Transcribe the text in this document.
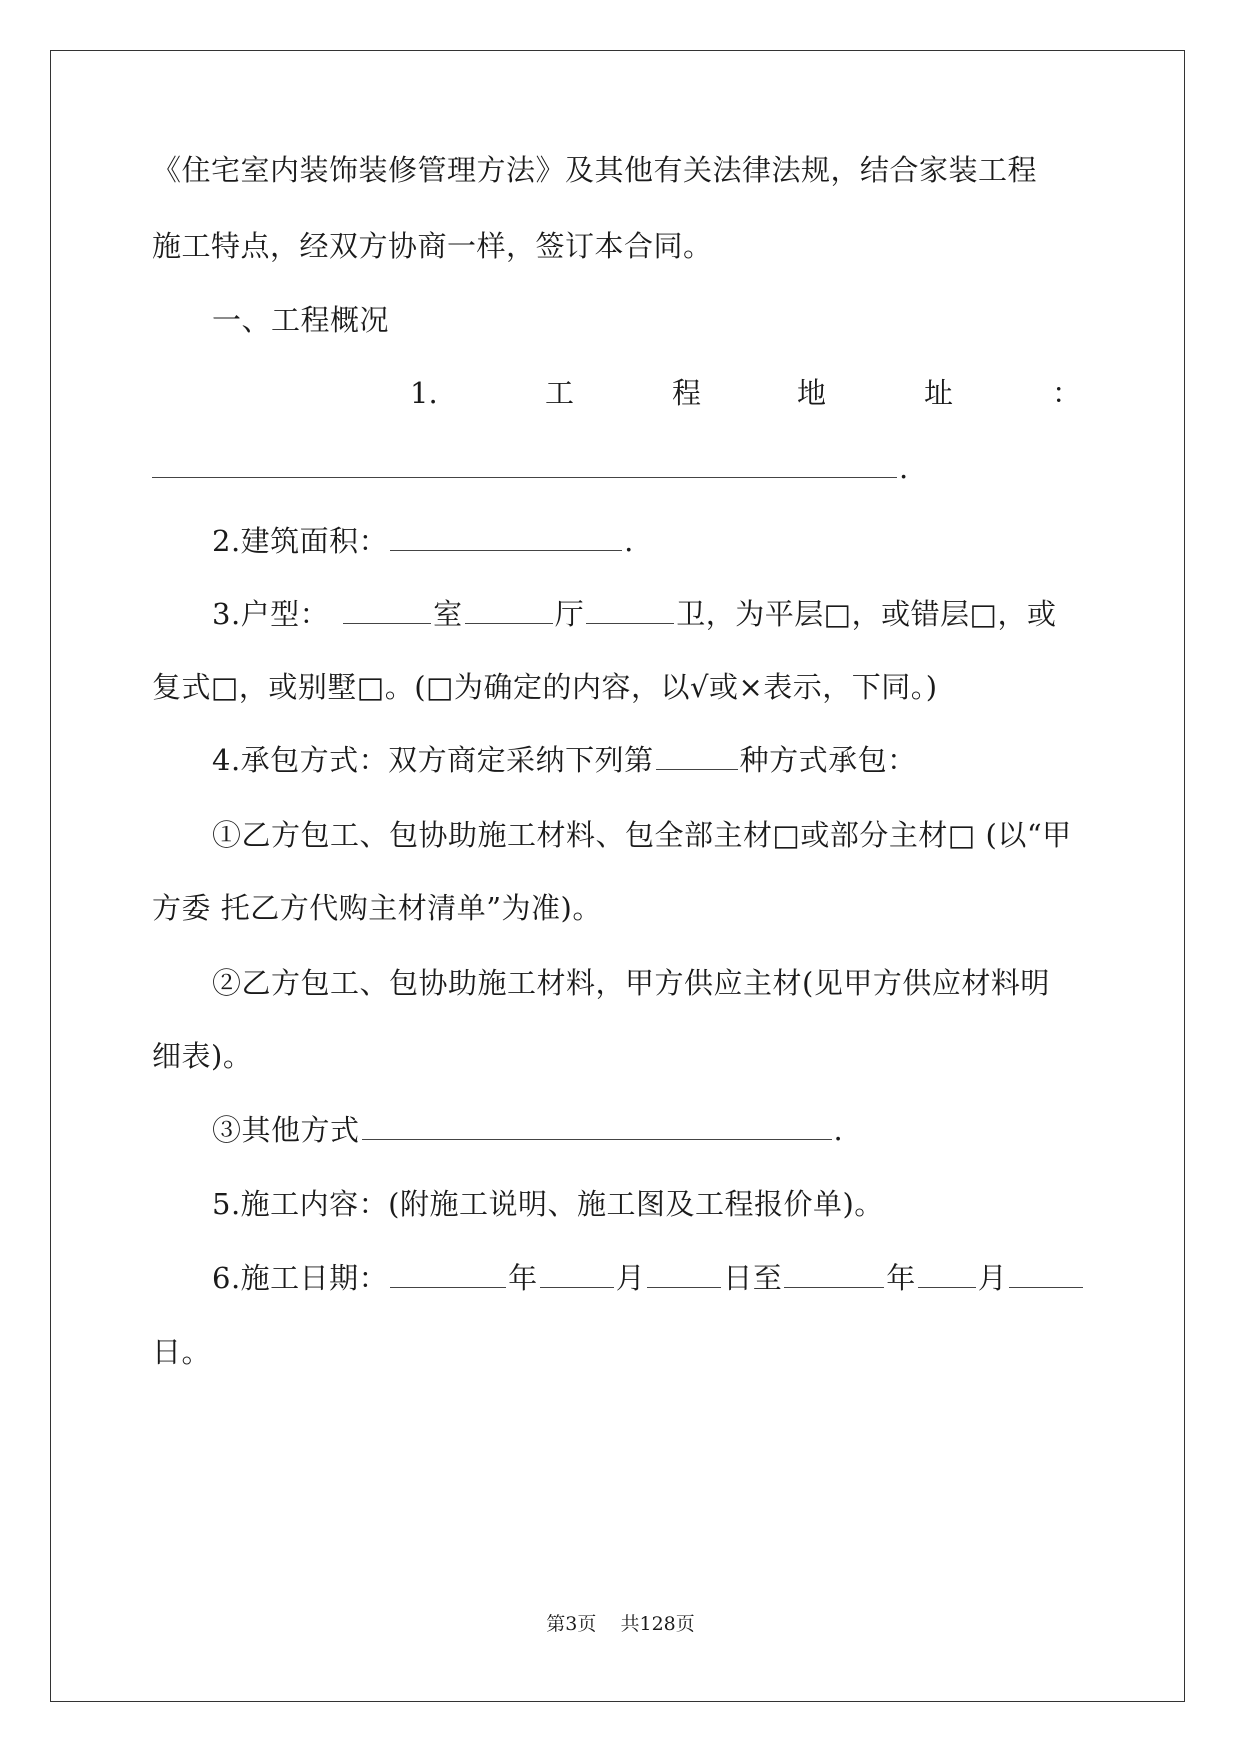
《住宅室内装饰装修管理方法》及其他有关法律法规，结合家装工程
施工特点，经双方协商一样，签订本合同。
一、工程概况
1.	工	程	地	址	：
.
2.建筑面积：	.
3.户型：	室	厅	卫，为平层□，或错层□，或
复式□，或别墅□。(□为确定的内容，以√或×表示，下同。)
4.承包方式：双方商定采纳下列第	种方式承包：
①乙方包工、包协助施工材料、包全部主材□或部分主材□ (以“甲
方委 托乙方代购主材清单”为准)。
②乙方包工、包协助施工材料，甲方供应主材(见甲方供应材料明
细表)。
③其他方式	.
5.施工内容：(附施工说明、施工图及工程报价单)。
6.施工日期：	年	月	日至	年 月
日。
第3页 共128页
